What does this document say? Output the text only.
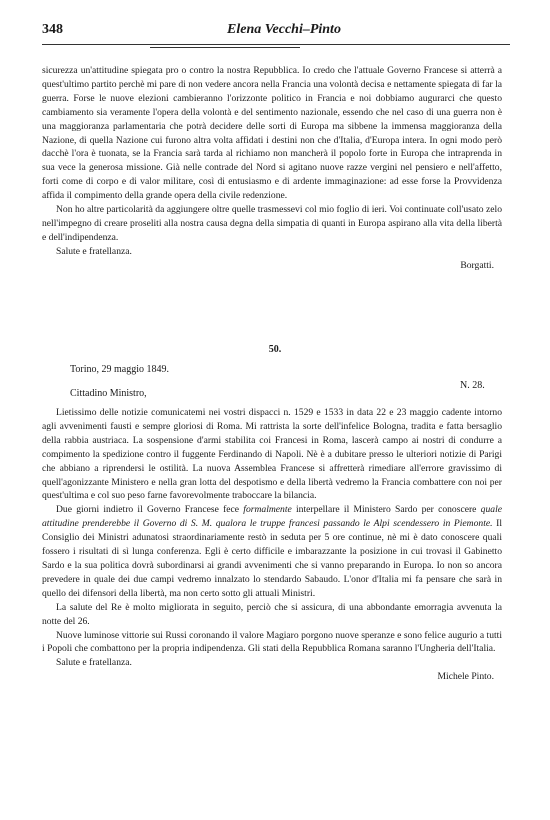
348	Elena Vecchi–Pinto

sicurezza un'attitudine spiegata pro o contro la nostra Repubblica. Io credo che l'attuale Governo Francese si atterrà a quest'ultimo partito perchè mi pare di non vedere ancora nella Francia una volontà decisa e nettamente spiegata di far la guerra. Forse le nuove elezioni cambieranno l'orizzonte politico in Francia e noi dobbiamo augurarci che questo cambiamento sia veramente l'opera della volontà e del sentimento nazionale, essendo che nel caso di una guerra non è una maggioranza parlamentaria che potrà decidere delle sorti di Europa ma sibbene la immensa maggioranza della Nazione, di quella Nazione cui furono altra volta affidati i destini non che d'Italia, d'Europa intera. In ogni modo però dacchè l'ora è tuonata, se la Francia sarà tarda al richiamo non mancherà il popolo forte in Europa che intraprenda in sua vece la generosa missione. Già nelle contrade del Nord si agitano nuove razze vergini nel pensiero e nell'affetto, forti come di corpo e di valor militare, così di entusiasmo e di ardente immaginazione: ad esse forse la Provvidenza affida il compimento della grande opera della civile redenzione.

Non ho altre particolarità da aggiungere oltre quelle trasmessevi col mio foglio di ieri. Voi continuate coll'usato zelo nell'impegno di creare proseliti alla nostra causa degna della simpatia di quanti in Europa aspirano alla vita della libertà e dell'indipendenza.

Salute e fratellanza.

Borgatti.

50.
Torino, 29 maggio 1849.
N. 28.
Cittadino Ministro,

Lietissimo delle notizie comunicatemi nei vostri dispacci n. 1529 e 1533 in data 22 e 23 maggio cadente intorno agli avvenimenti fausti e sempre gloriosi di Roma. Mi rattrista la sorte dell'infelice Bologna, tradita e fatta bersaglio della rabbia austriaca. La sospensione d'armi stabilita coi Francesi in Roma, lascerà campo ai nostri di condurre a compimento la spedizione contro il fuggente Ferdinando di Napoli. Nè è a dubitare presso le ulteriori notizie di Parigi che abbiano a riprendersi le ostilità. La nuova Assemblea Francese si affretterà rimediare all'errore gravissimo di quell'agonizzante Ministero e nella gran lotta del despotismo e della libertà vedremo la Francia combattere con noi per quest'ultima e col suo peso farne favorevolmente traboccare la bilancia.

Due giorni indietro il Governo Francese fece formalmente interpellare il Ministero Sardo per conoscere quale attitudine prenderebbe il Governo di S. M. qualora le truppe francesi passando le Alpi scendessero in Piemonte. Il Consiglio dei Ministri adunatosi straordinariamente restò in seduta per 5 ore continue, nè mi è dato conoscere quali fossero i risultati di sì lunga conferenza. Egli è certo difficile e imbarazzante la posizione in cui trovasi il Gabinetto Sardo e la sua politica dovrà subordinarsi ai grandi avvenimenti che si vanno preparando in Europa. Io non so ancora prevedere in quale dei due campi vedremo innalzato lo stendardo Sabaudo. L'onor d'Italia mi fa pensare che sarà in quello dei difensori della libertà, ma non certo sotto gli attuali Ministri.

La salute del Re è molto migliorata in seguito, perciò che si assicura, di una abbondante emorragia avvenuta la notte del 26.

Nuove luminose vittorie sui Russi coronando il valore Magiaro porgono nuove speranze e sono felice augurio a tutti i Popoli che combattono per la propria indipendenza. Gli stati della Repubblica Romana saranno l'Ungheria dell'Italia.

Salute e fratellanza.

Michele Pinto.
